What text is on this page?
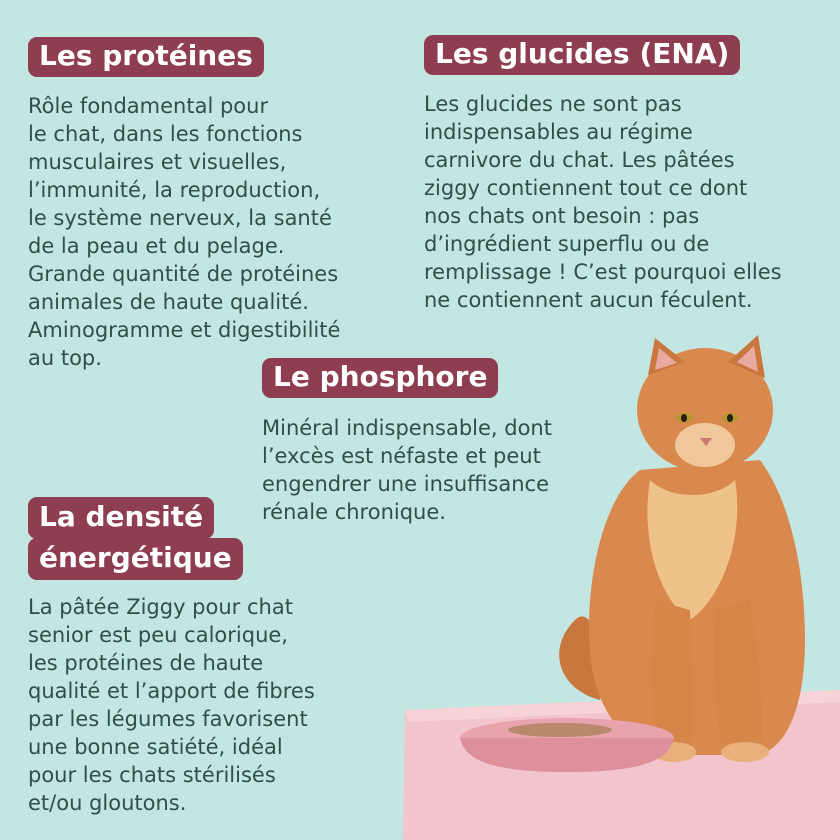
Les protéines
Rôle fondamental pour
le chat, dans les fonctions
musculaires et visuelles,
l’immunité, la reproduction,
le système nerveux, la santé
de la peau et du pelage.
Grande quantité de protéines
animales de haute qualité.
Aminogramme et digestibilité
au top.
Les glucides (ENA)
Les glucides ne sont pas
indispensables au régime
carnivore du chat. Les pâtées
ziggy contiennent tout ce dont
nos chats ont besoin : pas
d’ingrédient superflu ou de
remplissage ! C’est pourquoi elles
ne contiennent aucun féculent.
Le phosphore
Minéral indispensable, dont
l’excès est néfaste et peut
engendrer une insuffisance
rénale chronique.
La densité
énergétique
La pâtée Ziggy pour chat
senior est peu calorique,
les protéines de haute
qualité et l’apport de fibres
par les légumes favorisent
une bonne satiété, idéal
pour les chats stérilisés
et/ou gloutons.
